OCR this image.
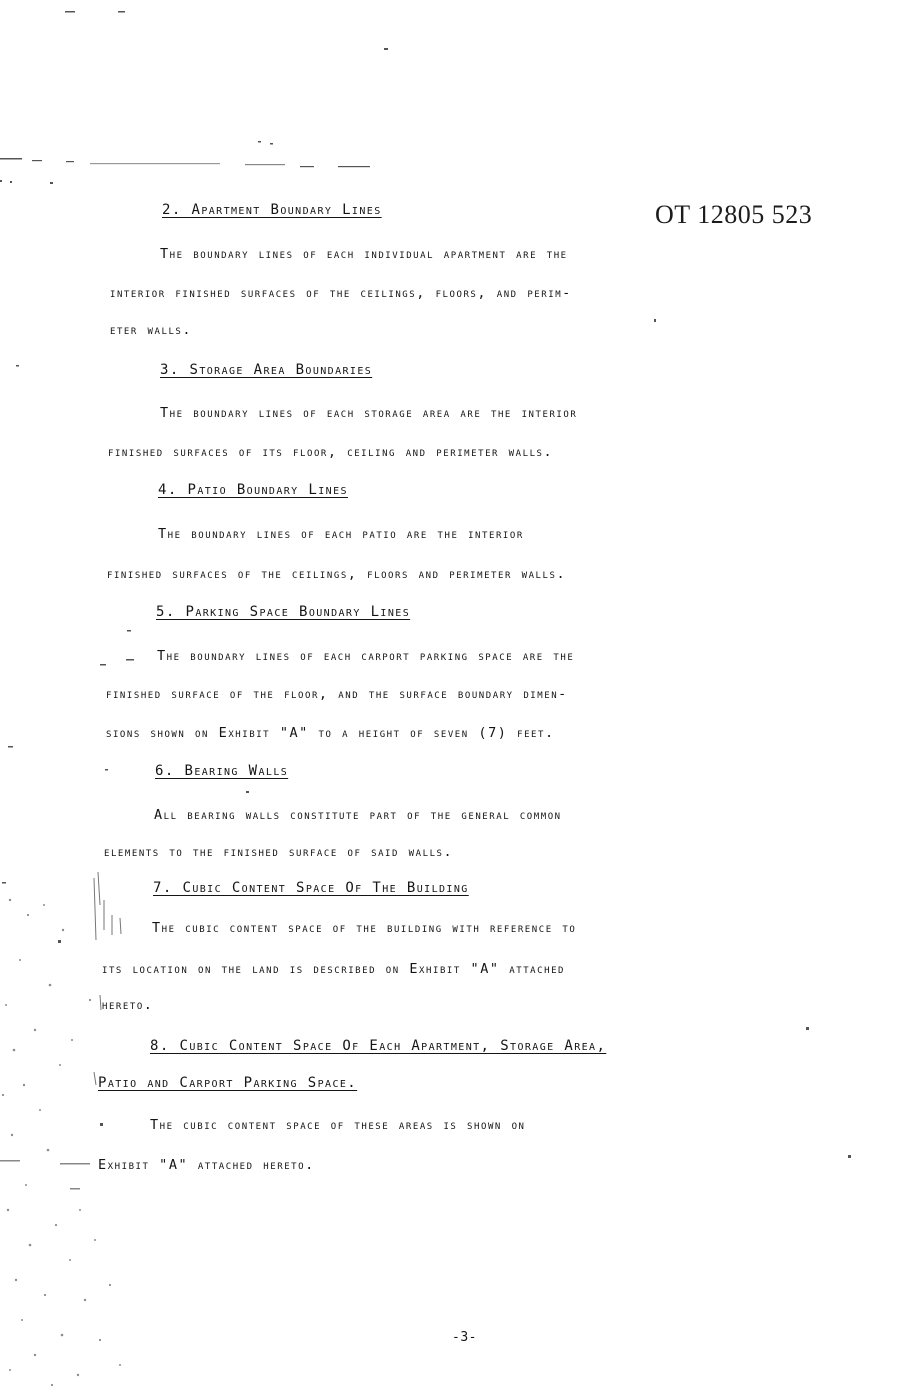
OT 12805 523
2. Apartment Boundary Lines
The boundary lines of each individual apartment are the
interior finished surfaces of the ceilings, floors, and perim-
eter walls.
3. Storage Area Boundaries
The boundary lines of each storage area are the interior
finished surfaces of its floor, ceiling and perimeter walls.
4. Patio Boundary Lines
The boundary lines of each patio are the interior
finished surfaces of the ceilings, floors and perimeter walls.
5. Parking Space Boundary Lines
The boundary lines of each carport parking space are the
finished surface of the floor, and the surface boundary dimen-
sions shown on Exhibit "A" to a height of seven (7) feet.
6. Bearing Walls
All bearing walls constitute part of the general common
elements to the finished surface of said walls.
7. Cubic Content Space Of The Building
The cubic content space of the building with reference to
its location on the land is described on Exhibit "A" attached
hereto.
8. Cubic Content Space Of Each Apartment, Storage Area,
Patio and Carport Parking Space.
The cubic content space of these areas is shown on
Exhibit "A" attached hereto.
-3-
